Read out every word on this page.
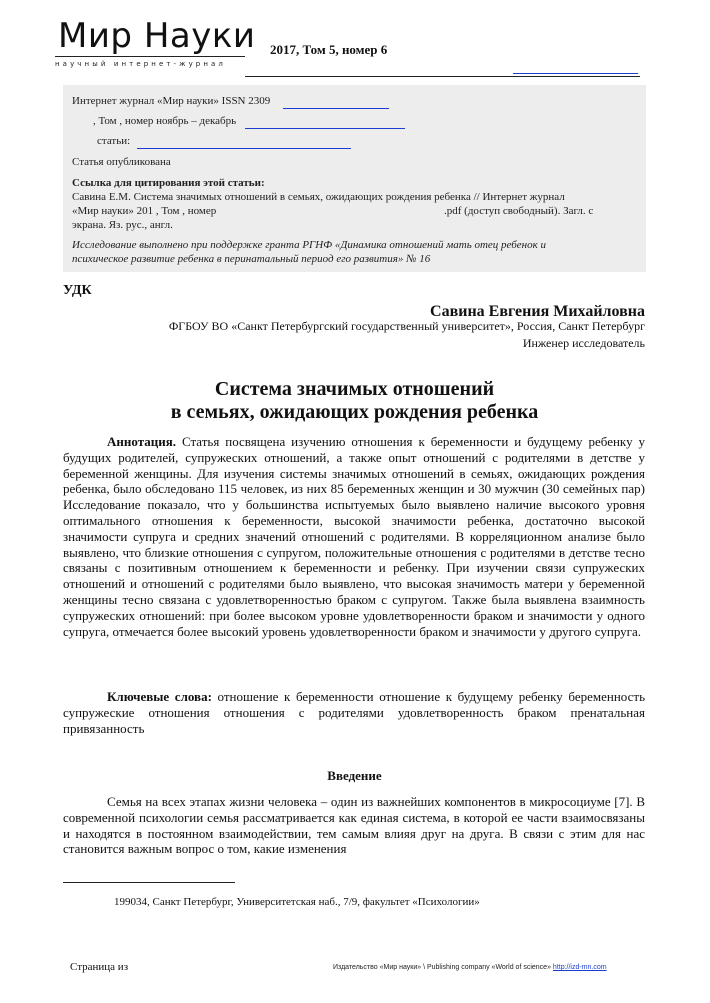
Мир Науки
научный интернет-журнал
2017, Том 5, номер 6
Интернет журнал «Мир науки» ISSN 2309
, Том , номер ноябрь – декабрь
статьи:
Статья опубликована
Ссылка для цитирования этой статьи:
Савина Е.М. Система значимых отношений в семьях, ожидающих рождения ребенка // Интернет журнал
«Мир науки» 201 , Том , номер	.pdf (доступ свободный). Загл. с
экрана. Яз. рус., англ.
Исследование выполнено при поддержке гранта РГНФ «Динамика отношений мать отец ребенок и
психическое развитие ребенка в перинатальный период его развития» № 16
УДК
Савина Евгения Михайловна
ФГБОУ ВО «Санкт Петербургский государственный университет», Россия, Санкт Петербург
Инженер исследователь
Система значимых отношений
в семьях, ожидающих рождения ребенка
Аннотация. Статья посвящена изучению отношения к беременности и будущему ребенку у будущих родителей, супружеских отношений, а также опыт отношений с родителями в детстве у беременной женщины. Для изучения системы значимых отношений в семьях, ожидающих рождения ребенка, было обследовано 115 человек, из них 85 беременных женщин и 30 мужчин (30 семейных пар) Исследование показало, что у большинства испытуемых было выявлено наличие высокого уровня оптимального отношения к беременности, высокой значимости ребенка, достаточно высокой значимости супруга и средних значений отношений с родителями. В корреляционном анализе было выявлено, что близкие отношения с супругом, положительные отношения с родителями в детстве тесно связаны с позитивным отношением к беременности и ребенку. При изучении связи супружеских отношений и отношений с родителями было выявлено, что высокая значимость матери у беременной женщины тесно связана с удовлетворенностью браком с супругом. Также была выявлена взаимность супружеских отношений: при более высоком уровне удовлетворенности браком и значимости у одного супруга, отмечается более высокий уровень удовлетворенности браком и значимости у другого супруга.
Ключевые слова: отношение к беременности отношение к будущему ребенку беременность супружеские отношения отношения с родителями удовлетворенность браком пренатальная привязанность
Введение
Семья на всех этапах жизни человека – один из важнейших компонентов в микросоциуме [7]. В современной психологии семья рассматривается как единая система, в которой ее части взаимосвязаны и находятся в постоянном взаимодействии, тем самым влияя друг на друга. В связи с этим для нас становится важным вопрос о том, какие изменения
199034, Санкт Петербург, Университетская наб., 7/9, факультет «Психологии»
Страница из	Издательство «Мир науки» \ Publishing company «World of science» http://izd-mn.com
